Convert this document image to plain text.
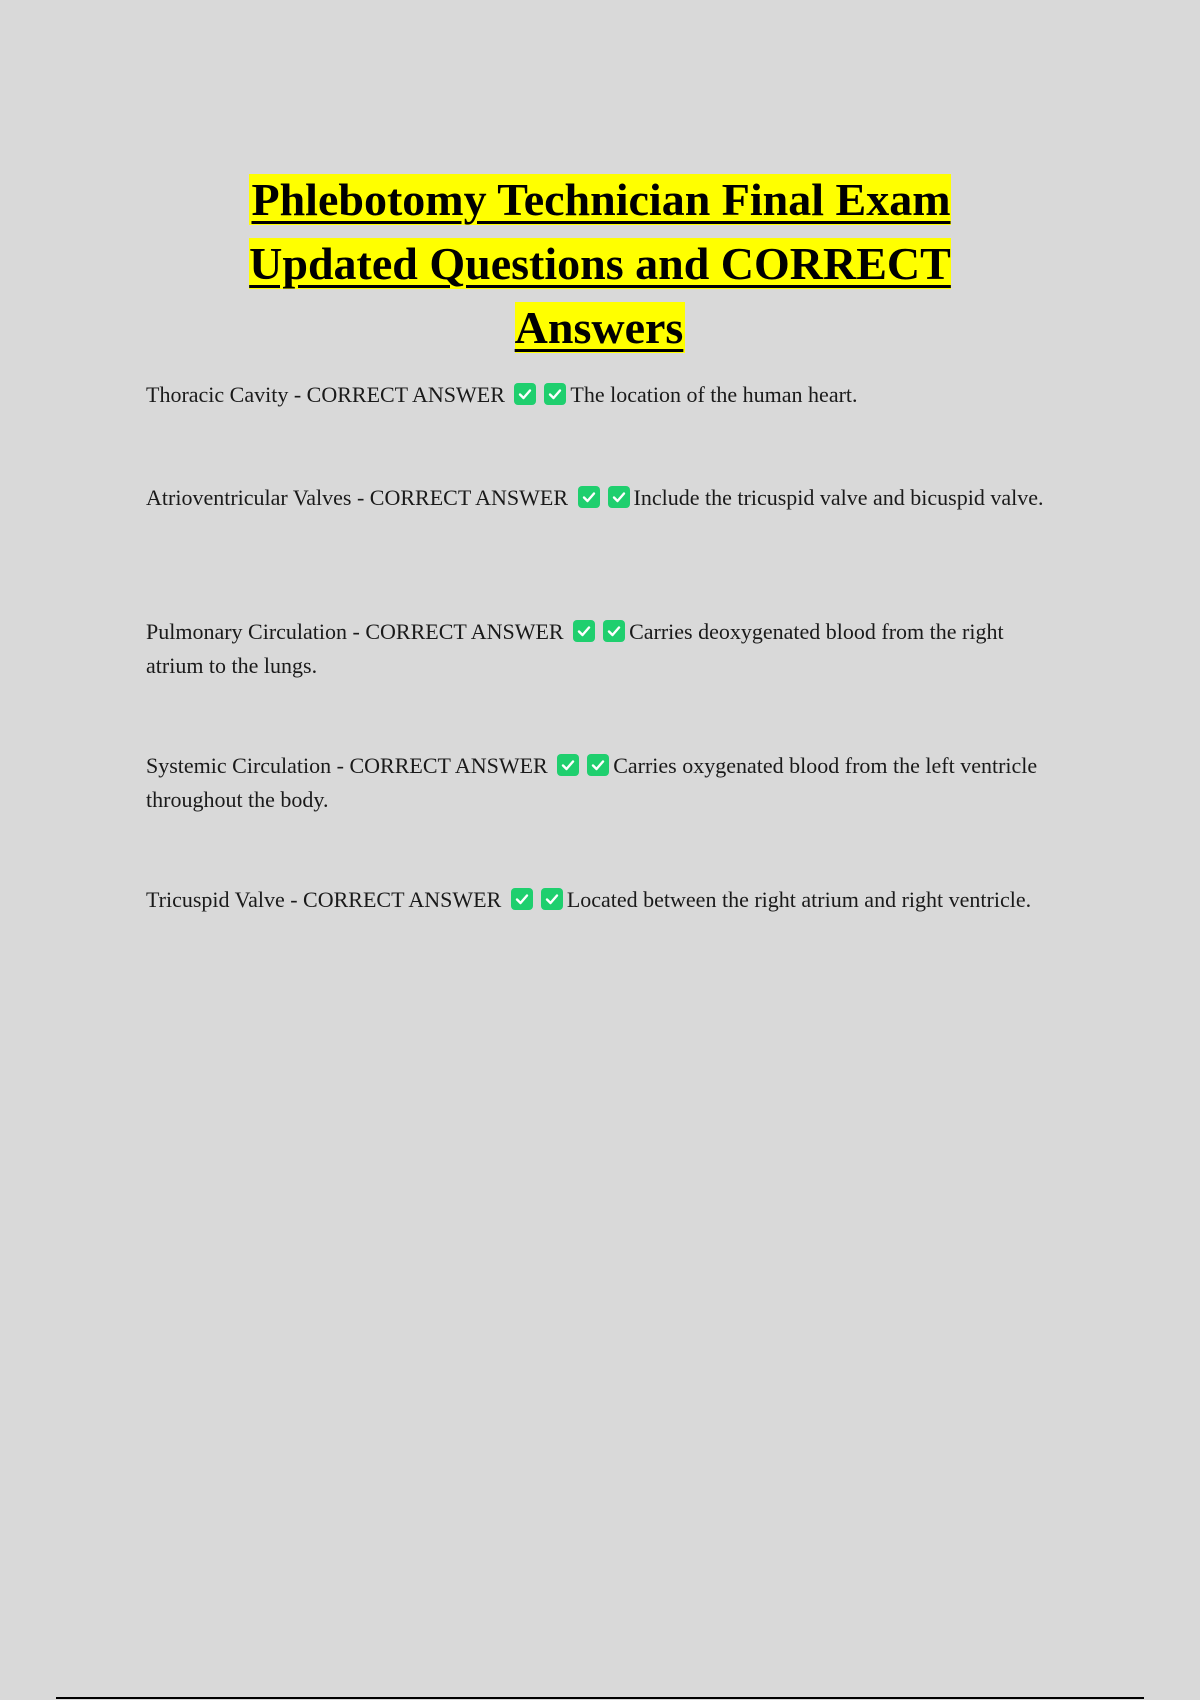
Phlebotomy Technician Final Exam Updated Questions and CORRECT Answers

Thoracic Cavity - CORRECT ANSWER	The location of the human heart.

Atrioventricular Valves - CORRECT ANSWER	Include the tricuspid valve and bicuspid valve.

Pulmonary Circulation - CORRECT ANSWER	Carries deoxygenated blood from the right atrium to the lungs.

Systemic Circulation - CORRECT ANSWER	Carries oxygenated blood from the left ventricle throughout the body.

Tricuspid Valve - CORRECT ANSWER	Located between the right atrium and right ventricle.
